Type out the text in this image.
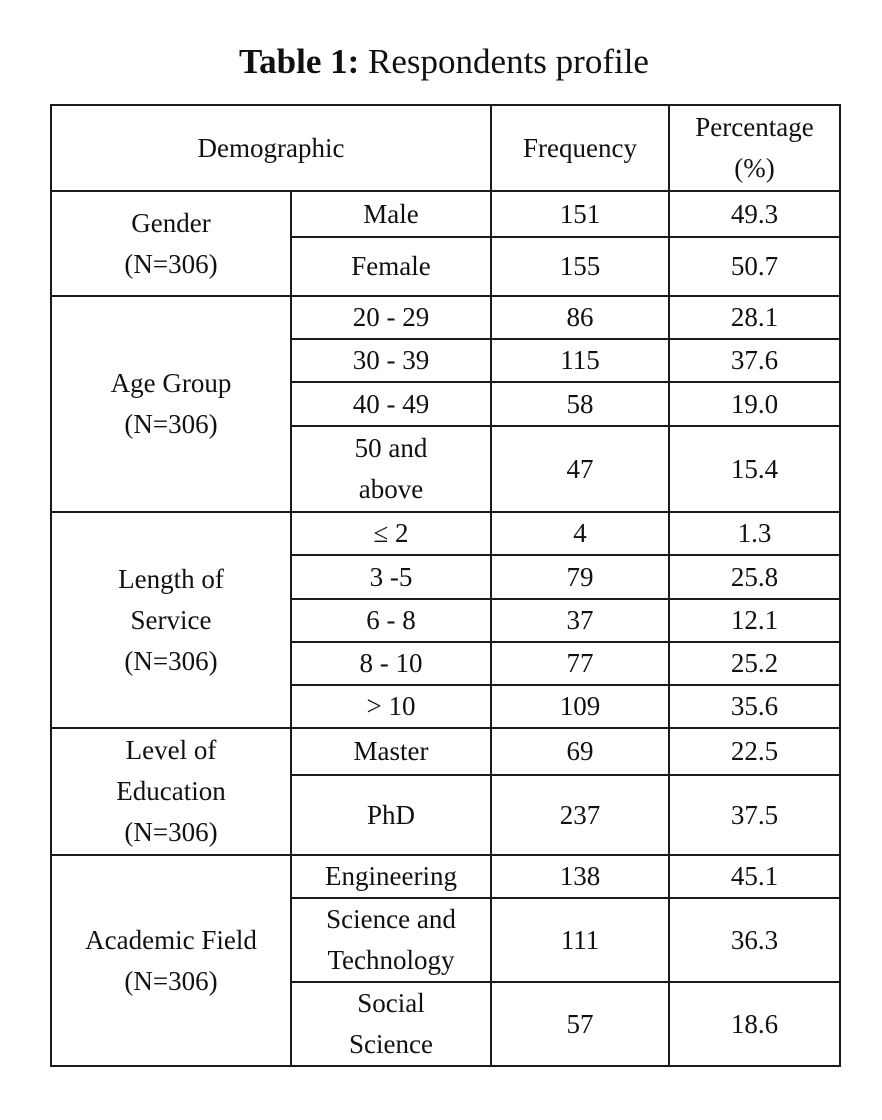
Table 1: Respondents profile
Demographic		Frequency	Percentage
(%)

Gender
(N=306)	Male	151	49.3

	Female	155	50.7

Age Group
(N=306)	20 - 29	86	28.1

	30 - 39	115	37.6

	40 - 49	58	19.0

	50 and
above	47	15.4

Length of
Service
(N=306)	≤ 2	4	1.3

	3 -5	79	25.8

	6 - 8	37	12.1

	8 - 10	77	25.2

	> 10	109	35.6

Level of
Education
(N=306)	Master	69	22.5

	PhD	237	37.5

Academic Field
(N=306)	Engineering	138	45.1

	Science and
Technology	111	36.3

	Social
Science	57	18.6
